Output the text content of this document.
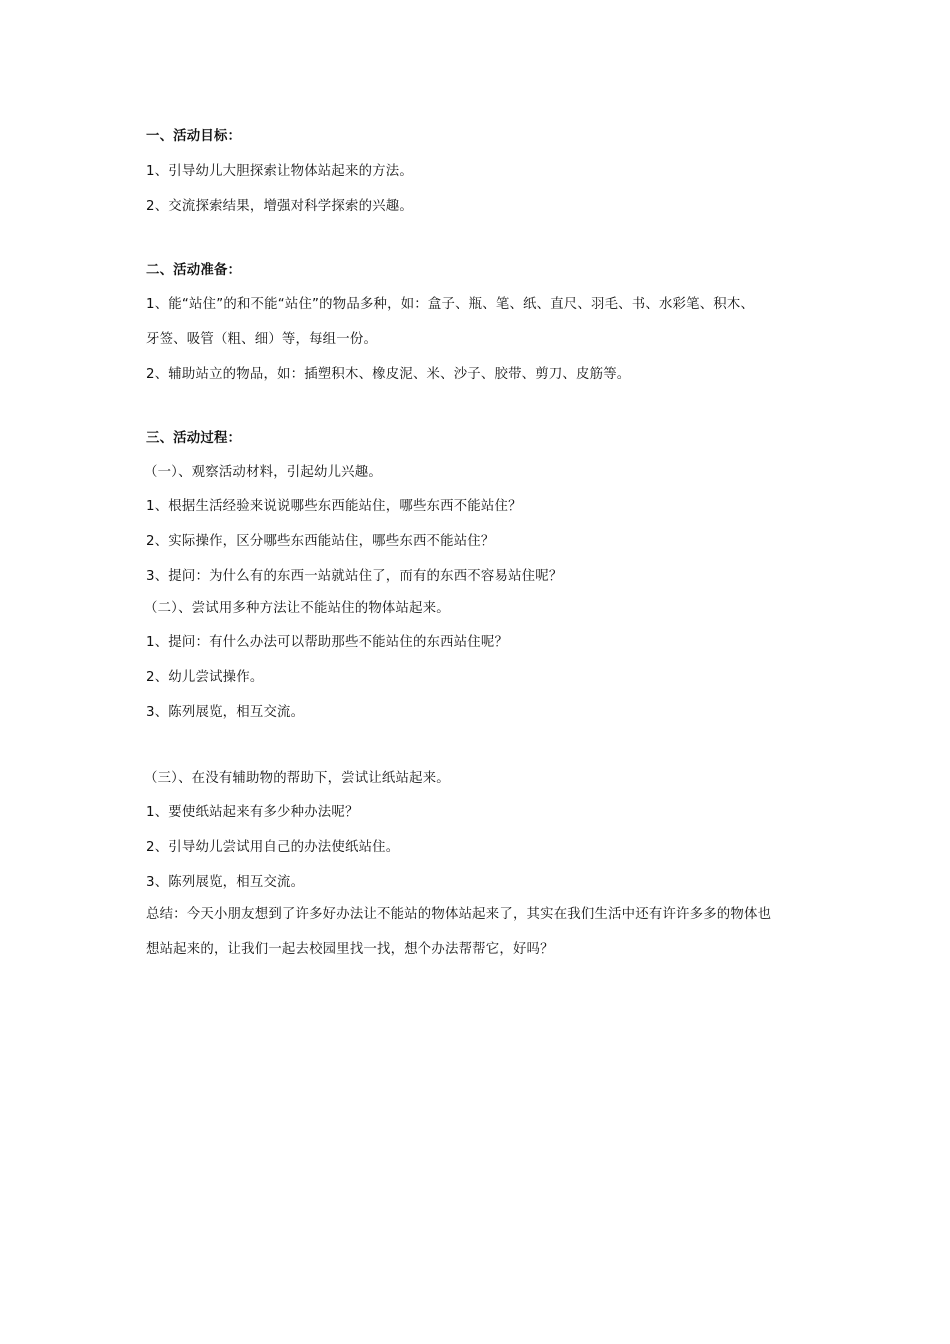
一、活动目标：
1、引导幼儿大胆探索让物体站起来的方法。
2、交流探索结果，增强对科学探索的兴趣。
二、活动准备：
1、能“站住”的和不能“站住”的物品多种，如：盒子、瓶、笔、纸、直尺、羽毛、书、水彩笔、积木、
牙签、吸管（粗、细）等，每组一份。
2、辅助站立的物品，如：插塑积木、橡皮泥、米、沙子、胶带、剪刀、皮筋等。
三、活动过程：
（一）、观察活动材料，引起幼儿兴趣。
1、根据生活经验来说说哪些东西能站住，哪些东西不能站住？
2、实际操作，区分哪些东西能站住，哪些东西不能站住？
3、提问：为什么有的东西一站就站住了，而有的东西不容易站住呢？
（二）、尝试用多种方法让不能站住的物体站起来。
1、提问：有什么办法可以帮助那些不能站住的东西站住呢？
2、幼儿尝试操作。
3、陈列展览，相互交流。
（三）、在没有辅助物的帮助下，尝试让纸站起来。
1、要使纸站起来有多少种办法呢？
2、引导幼儿尝试用自己的办法使纸站住。
3、陈列展览，相互交流。
总结：今天小朋友想到了许多好办法让不能站的物体站起来了，其实在我们生活中还有许许多多的物体也
想站起来的，让我们一起去校园里找一找，想个办法帮帮它，好吗？
